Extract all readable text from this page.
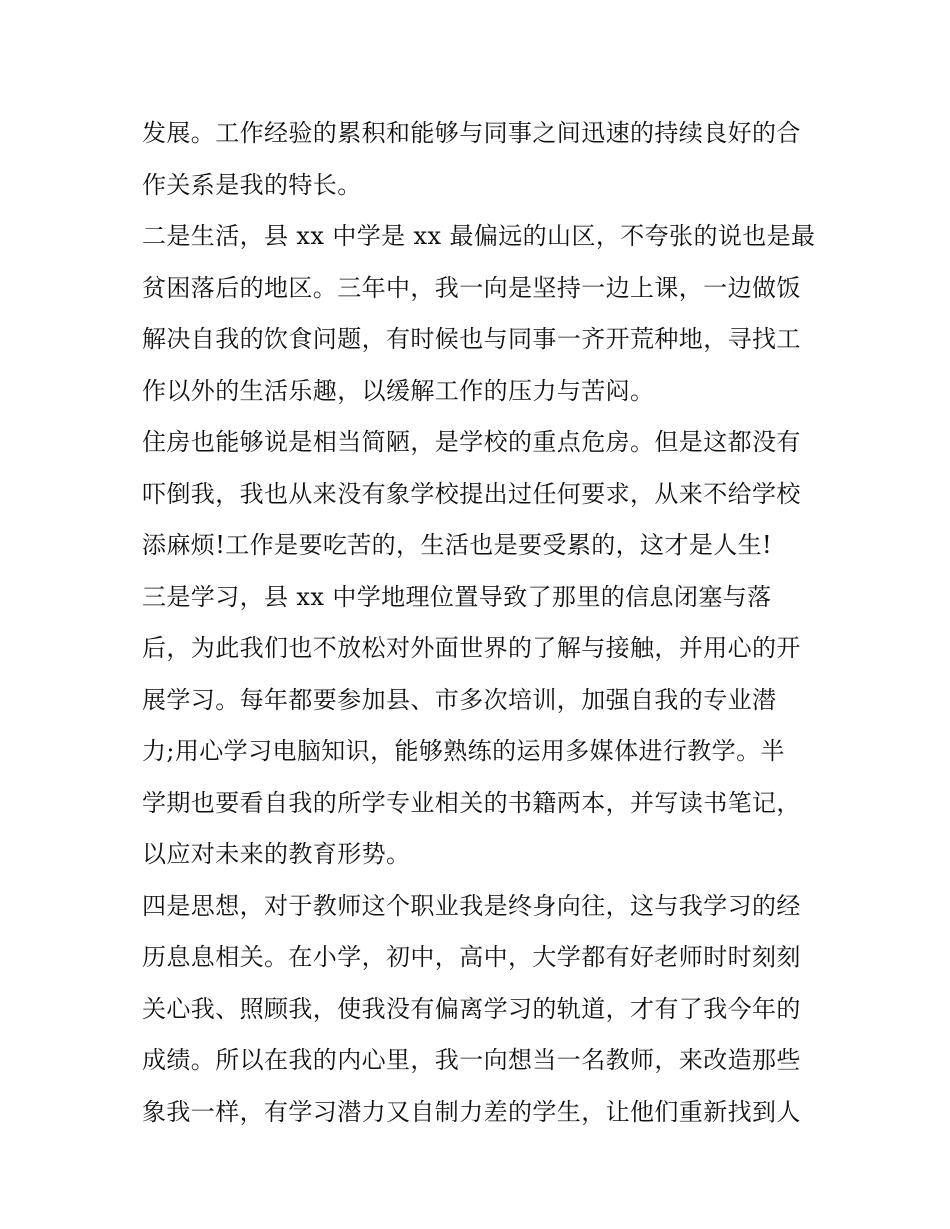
发展。工作经验的累积和能够与同事之间迅速的持续良好的合
作关系是我的特长。
二是生活，县 xx 中学是 xx 最偏远的山区，不夸张的说也是最
贫困落后的地区。三年中，我一向是坚持一边上课，一边做饭
解决自我的饮食问题，有时候也与同事一齐开荒种地，寻找工
作以外的生活乐趣，以缓解工作的压力与苦闷。
住房也能够说是相当简陋，是学校的重点危房。但是这都没有
吓倒我，我也从来没有象学校提出过任何要求，从来不给学校
添麻烦!工作是要吃苦的，生活也是要受累的，这才是人生!
三是学习，县 xx 中学地理位置导致了那里的信息闭塞与落
后，为此我们也不放松对外面世界的了解与接触，并用心的开
展学习。每年都要参加县、市多次培训，加强自我的专业潜
力;用心学习电脑知识，能够熟练的运用多媒体进行教学。半
学期也要看自我的所学专业相关的书籍两本，并写读书笔记，
以应对未来的教育形势。
四是思想，对于教师这个职业我是终身向往，这与我学习的经
历息息相关。在小学，初中，高中，大学都有好老师时时刻刻
关心我、照顾我，使我没有偏离学习的轨道，才有了我今年的
成绩。所以在我的内心里，我一向想当一名教师，来改造那些
象我一样，有学习潜力又自制力差的学生，让他们重新找到人
